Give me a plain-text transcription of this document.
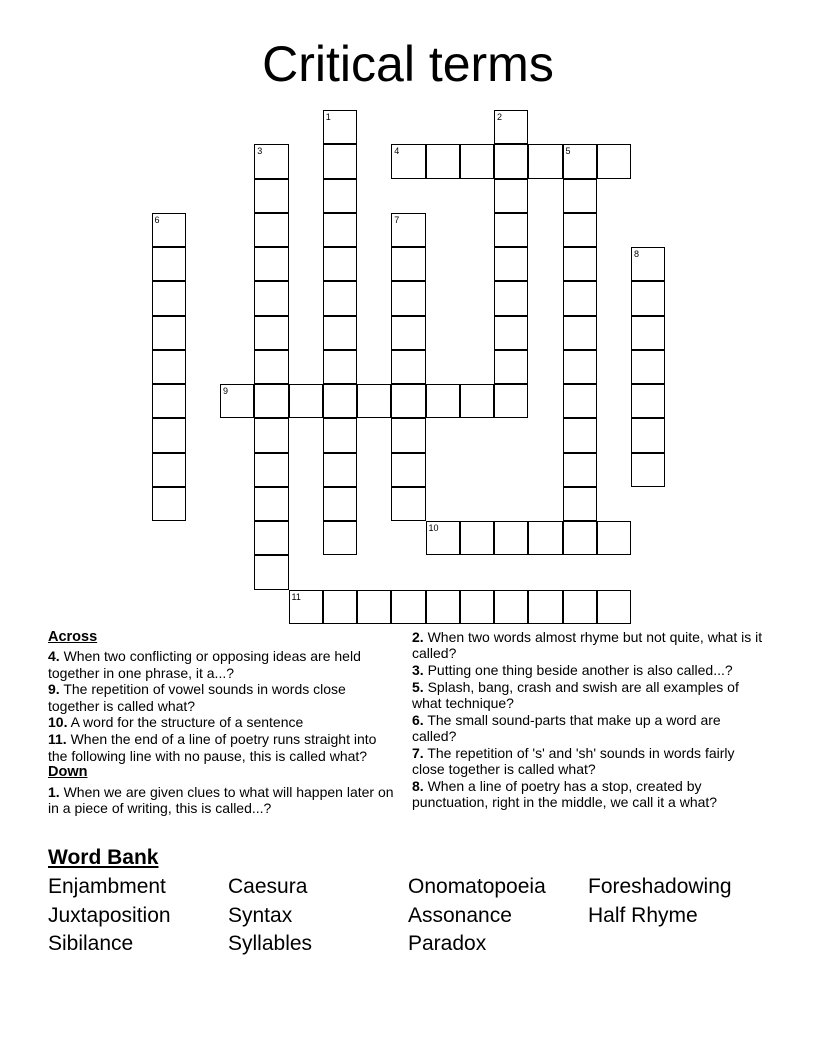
Critical terms
1	2
3	4	5
6	7
8
9
10
11
Across
4. When two conflicting or opposing ideas are held together in one phrase, it a...?
9. The repetition of vowel sounds in words close together is called what?
10. A word for the structure of a sentence
11. When the end of a line of poetry runs straight into the following line with no pause, this is called what?
Down
1. When we are given clues to what will happen later on in a piece of writing, this is called...?
2. When two words almost rhyme but not quite, what is it called?
3. Putting one thing beside another is also called...?
5. Splash, bang, crash and swish are all examples of what technique?
6. The small sound-parts that make up a word are called?
7. The repetition of 's' and 'sh' sounds in words fairly close together is called what?
8. When a line of poetry has a stop, created by punctuation, right in the middle, we call it a what?
Word Bank
Enjambment	Caesura	Onomatopoeia Foreshadowing
Juxtaposition	Syntax	Assonance	Half Rhyme
Sibilance	Syllables	Paradox
